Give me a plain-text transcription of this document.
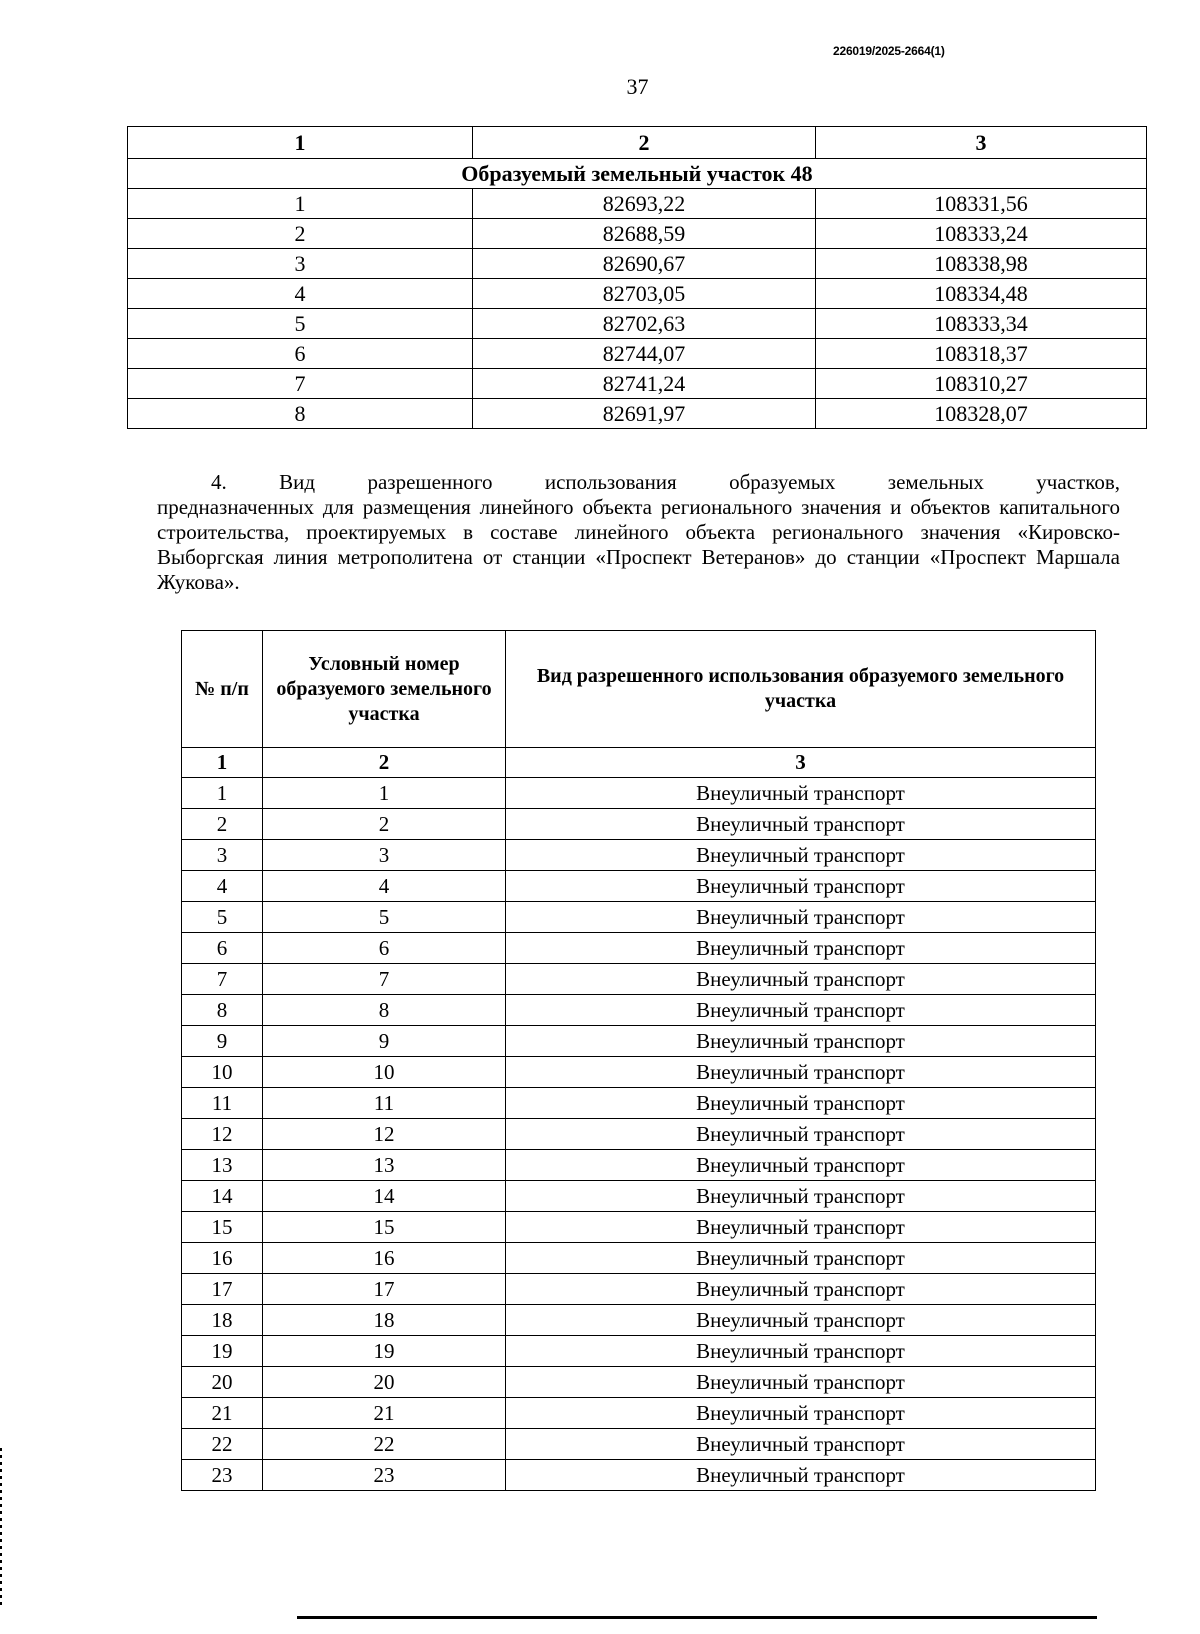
226019/2025-2664(1)
37
1	2	3
Образуемый земельный участок 48		
1	82693,22	108331,56
2	82688,59	108333,24
3	82690,67	108338,98
4	82703,05	108334,48
5	82702,63	108333,34
6	82744,07	108318,37
7	82741,24	108310,27
8	82691,97	108328,07

4. Вид разрешенного использования образуемых земельных участков,

предназначенных для размещения линейного объекта регионального значения и объектов капитального строительства, проектируемых в составе линейного объекта регионального значения «Кировско-Выборгская линия метрополитена от станции «Проспект Ветеранов» до станции «Проспект Маршала Жукова».

№ п/п	Условный номер образуемого земельного участка	Вид разрешенного использования образуемого земельного участка
1	2	3
1	1	Внеуличный транспорт
2	2	Внеуличный транспорт
3	3	Внеуличный транспорт
4	4	Внеуличный транспорт
5	5	Внеуличный транспорт
6	6	Внеуличный транспорт
7	7	Внеуличный транспорт
8	8	Внеуличный транспорт
9	9	Внеуличный транспорт
10	10	Внеуличный транспорт
11	11	Внеуличный транспорт
12	12	Внеуличный транспорт
13	13	Внеуличный транспорт
14	14	Внеуличный транспорт
15	15	Внеуличный транспорт
16	16	Внеуличный транспорт
17	17	Внеуличный транспорт
18	18	Внеуличный транспорт
19	19	Внеуличный транспорт
20	20	Внеуличный транспорт
21	21	Внеуличный транспорт
22	22	Внеуличный транспорт
23	23	Внеуличный транспорт
